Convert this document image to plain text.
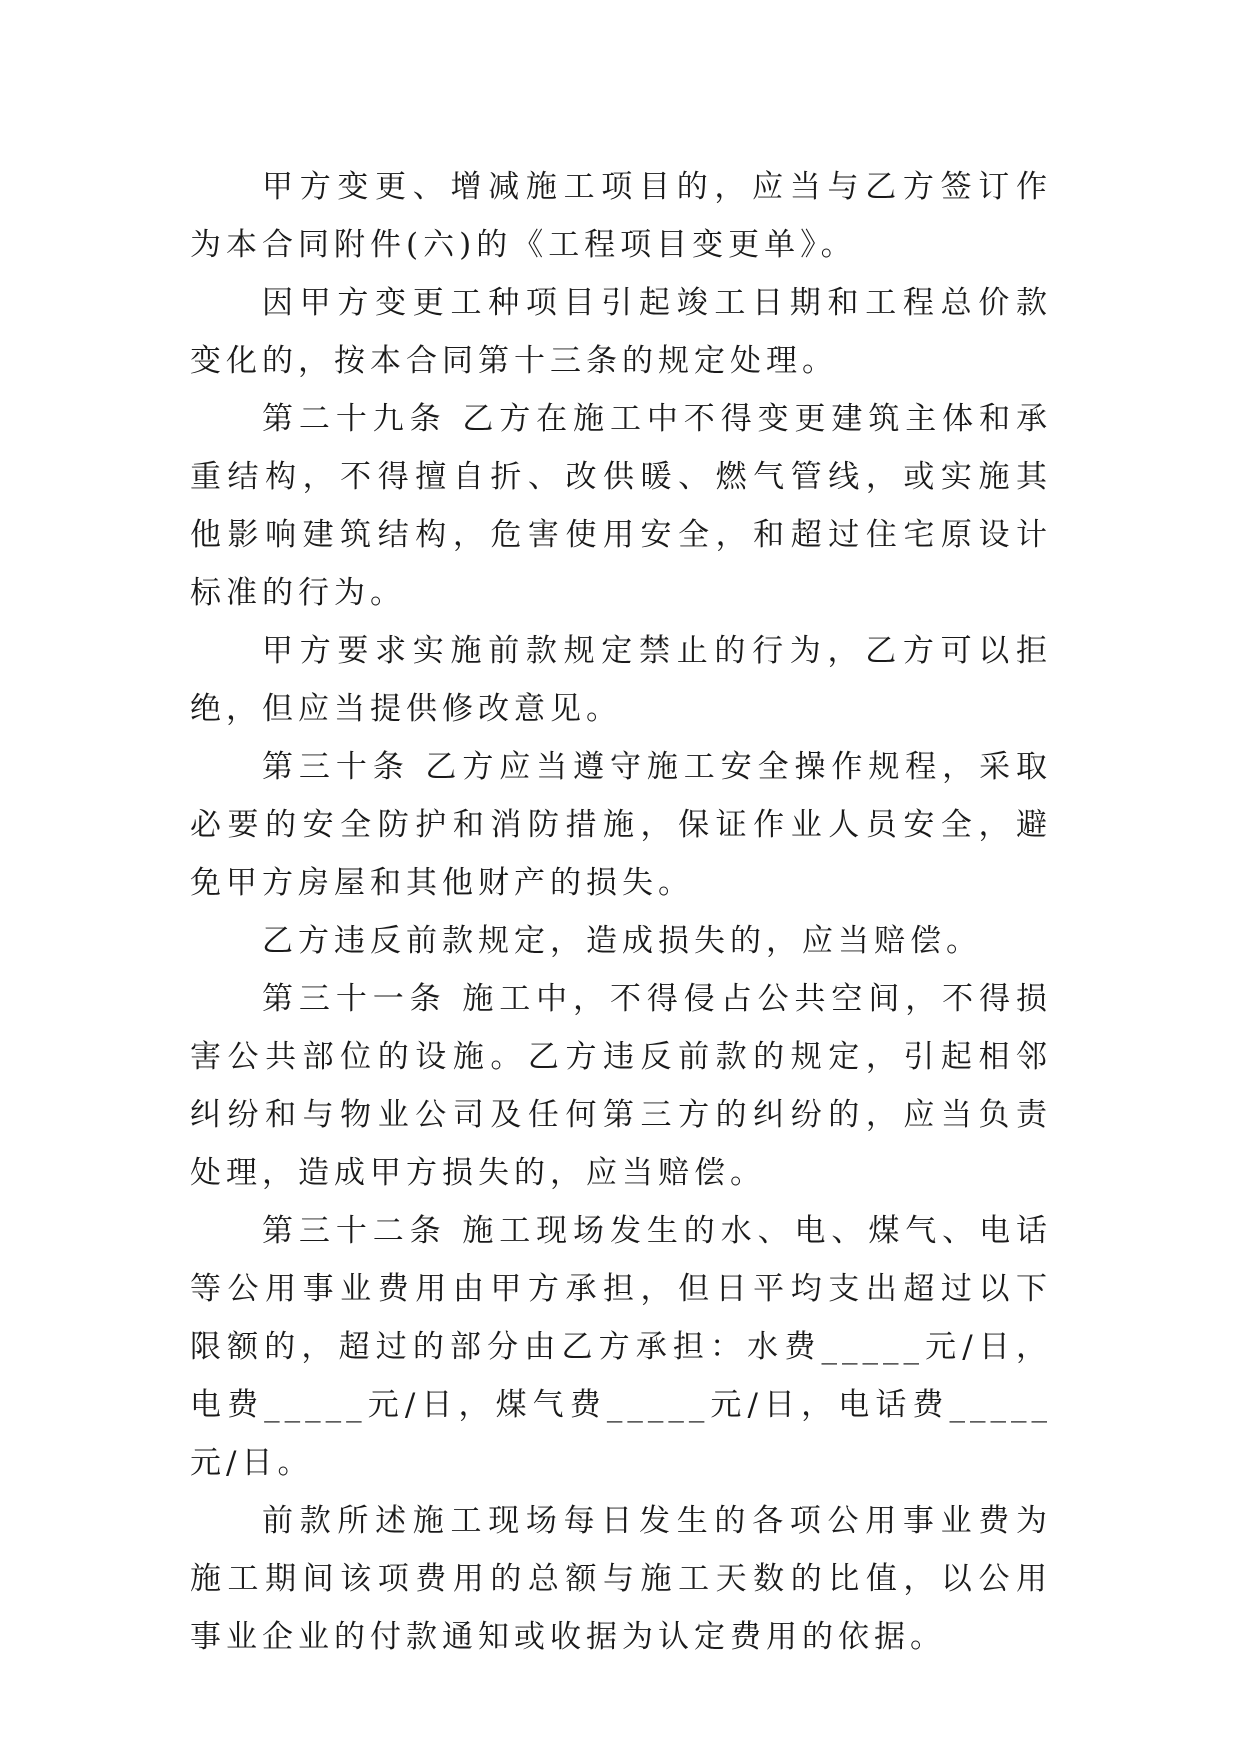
甲方变更、增减施工项目的，应当与乙方签订作为本合同附件(六)的《工程项目变更单》。

因甲方变更工种项目引起竣工日期和工程总价款变化的，按本合同第十三条的规定处理。

第二十九条 乙方在施工中不得变更建筑主体和承重结构，不得擅自折、改供暖、燃气管线，或实施其他影响建筑结构，危害使用安全，和超过住宅原设计标准的行为。

甲方要求实施前款规定禁止的行为，乙方可以拒绝，但应当提供修改意见。

第三十条 乙方应当遵守施工安全操作规程，采取必要的安全防护和消防措施，保证作业人员安全，避免甲方房屋和其他财产的损失。

乙方违反前款规定，造成损失的，应当赔偿。

第三十一条 施工中，不得侵占公共空间，不得损害公共部位的设施。乙方违反前款的规定，引起相邻纠纷和与物业公司及任何第三方的纠纷的，应当负责处理，造成甲方损失的，应当赔偿。

第三十二条 施工现场发生的水、电、煤气、电话等公用事业费用由甲方承担，但日平均支出超过以下限额的，超过的部分由乙方承担：水费_____元/日，电费_____元/日，煤气费_____元/日，电话费_____元/日。

前款所述施工现场每日发生的各项公用事业费为施工期间该项费用的总额与施工天数的比值，以公用事业企业的付款通知或收据为认定费用的依据。
